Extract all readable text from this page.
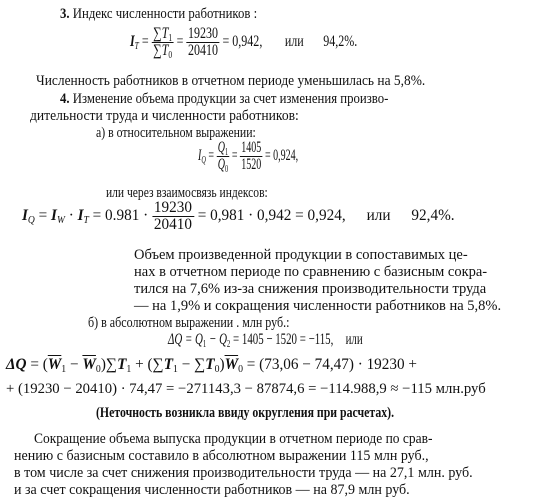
3. Индекс численности работников :
$I_T = \frac{\sum T_1}{\sum T_0} = \frac{19230}{20410} = 0,942$, или 94,2%.
Численность работников в отчетном периоде уменьшилась на 5,8%.
4. Изменение объема продукции за счет изменения произво-
дительности труда и численности работников:
а) в относительном выражении:
$I_Q = \frac{Q_1}{Q_0} = \frac{1405}{1520} = 0,924$,
или через взаимосвязь индексов:
$I_Q = I_W \cdot I_T = 0.981 \cdot \frac{19230}{20410} = 0,981 \cdot 0,942 = 0,924$, или 92,4%.
Объем произведенной продукции в сопоставимых це-
нах в отчетном периоде по сравнению с базисным сокра-
тился на 7,6% из-за снижения производительности труда
— на 1,9% и сокращения численности работников на 5,8%.
б) в абсолютном выражении . млн руб.:
$\Delta Q = Q_1 - Q_2 = 1405 - 1520 = -115$, или
$\Delta Q = (\overline{W}_1 - \overline{W}_0)\sum T_1 + (\sum T_1 - \sum T_0)\overline{W}_0 = (73,06 - 74,47) \cdot 19230$ +
+ (19230 − 20410) · 74,47 = −27114З,3 − 87874,6 = −114.988,9 ≈ −115 млн.руб
(Неточность возникла ввиду округления при расчетах).
Сокращение объема выпуска продукции в отчетном периоде по срав-
нению с базисным составило в абсолютном выражении 115 млн руб.,
в том числе за счет снижения производительности труда — на 27,1 млн. руб.
и за счет сокращения численности работников — на 87,9 млн руб.
